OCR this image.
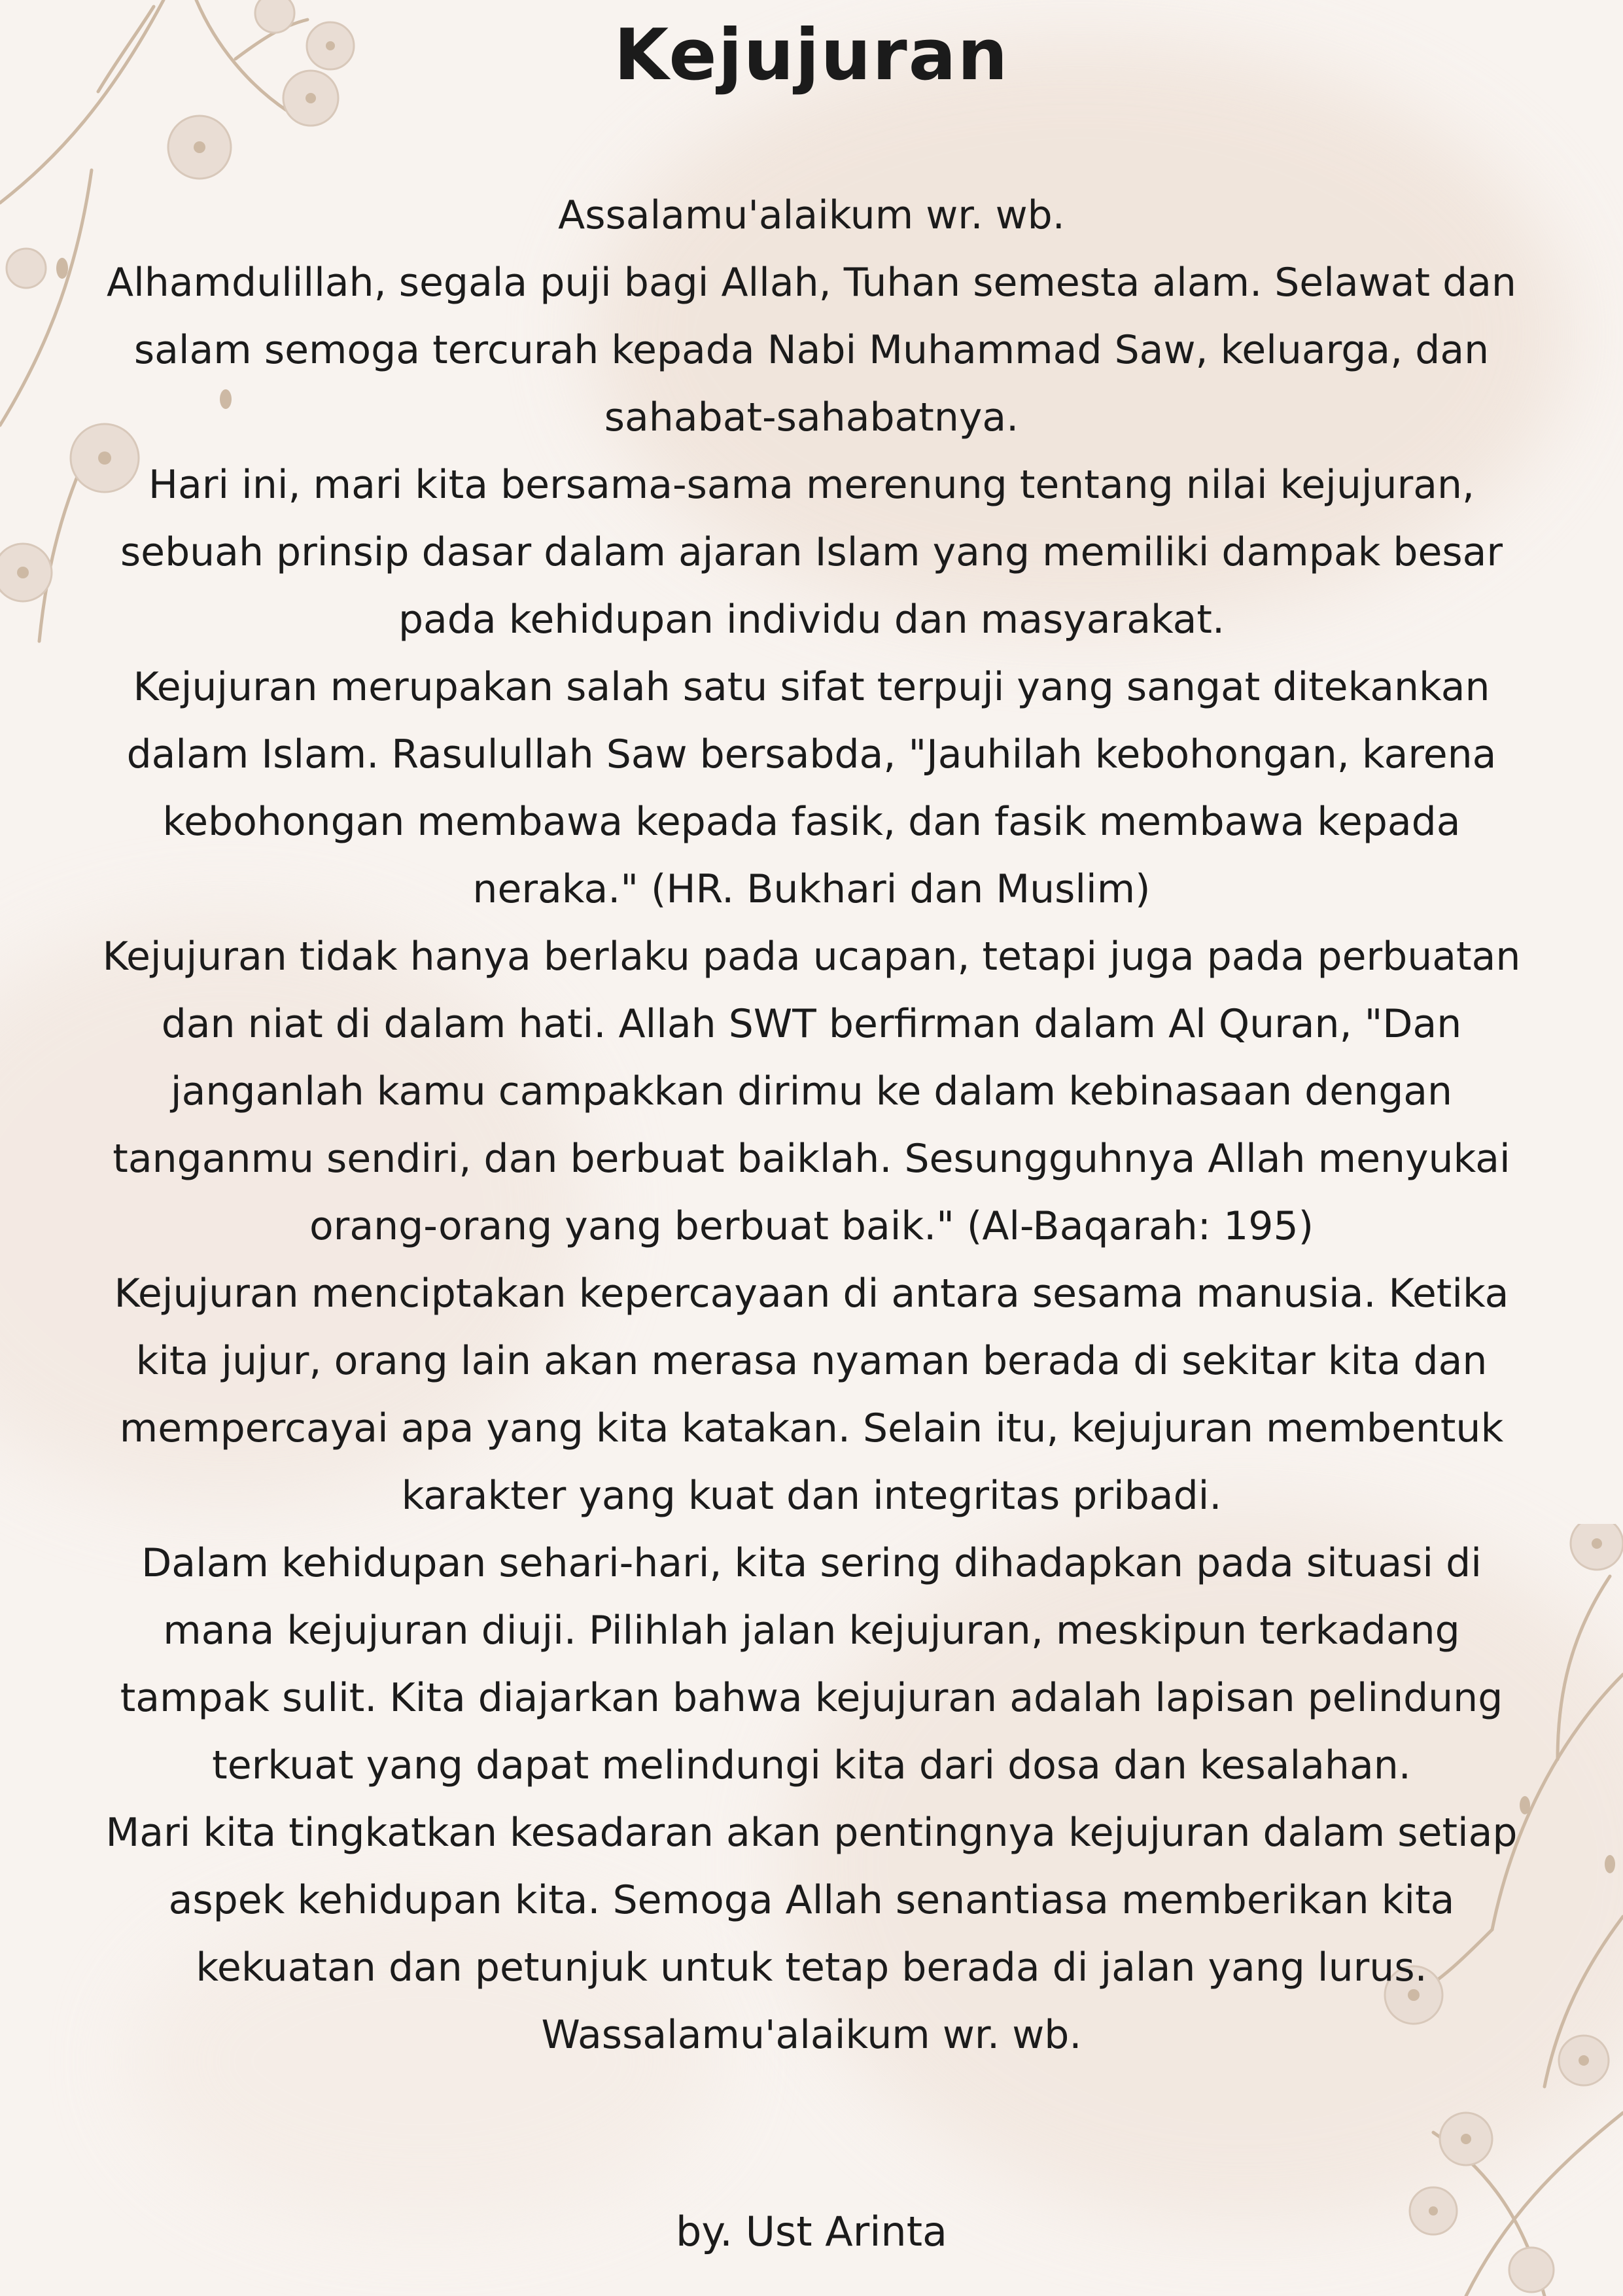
Kejujuran

Assalamu'alaikum wr. wb.

Alhamdulillah, segala puji bagi Allah, Tuhan semesta alam. Selawat dan

salam semoga tercurah kepada Nabi Muhammad Saw, keluarga, dan

sahabat-sahabatnya.

Hari ini, mari kita bersama-sama merenung tentang nilai kejujuran,

sebuah prinsip dasar dalam ajaran Islam yang memiliki dampak besar

pada kehidupan individu dan masyarakat.

Kejujuran merupakan salah satu sifat terpuji yang sangat ditekankan

dalam Islam. Rasulullah Saw bersabda, "Jauhilah kebohongan, karena

kebohongan membawa kepada fasik, dan fasik membawa kepada

neraka." (HR. Bukhari dan Muslim)

Kejujuran tidak hanya berlaku pada ucapan, tetapi juga pada perbuatan

dan niat di dalam hati. Allah SWT berfirman dalam Al Quran, "Dan

janganlah kamu campakkan dirimu ke dalam kebinasaan dengan

tanganmu sendiri, dan berbuat baiklah. Sesungguhnya Allah menyukai

orang-orang yang berbuat baik." (Al-Baqarah: 195)

Kejujuran menciptakan kepercayaan di antara sesama manusia. Ketika

kita jujur, orang lain akan merasa nyaman berada di sekitar kita dan

mempercayai apa yang kita katakan. Selain itu, kejujuran membentuk

karakter yang kuat dan integritas pribadi.

Dalam kehidupan sehari-hari, kita sering dihadapkan pada situasi di

mana kejujuran diuji. Pilihlah jalan kejujuran, meskipun terkadang

tampak sulit. Kita diajarkan bahwa kejujuran adalah lapisan pelindung

terkuat yang dapat melindungi kita dari dosa dan kesalahan.

Mari kita tingkatkan kesadaran akan pentingnya kejujuran dalam setiap

aspek kehidupan kita. Semoga Allah senantiasa memberikan kita

kekuatan dan petunjuk untuk tetap berada di jalan yang lurus.

Wassalamu'alaikum wr. wb.

by. Ust Arinta
